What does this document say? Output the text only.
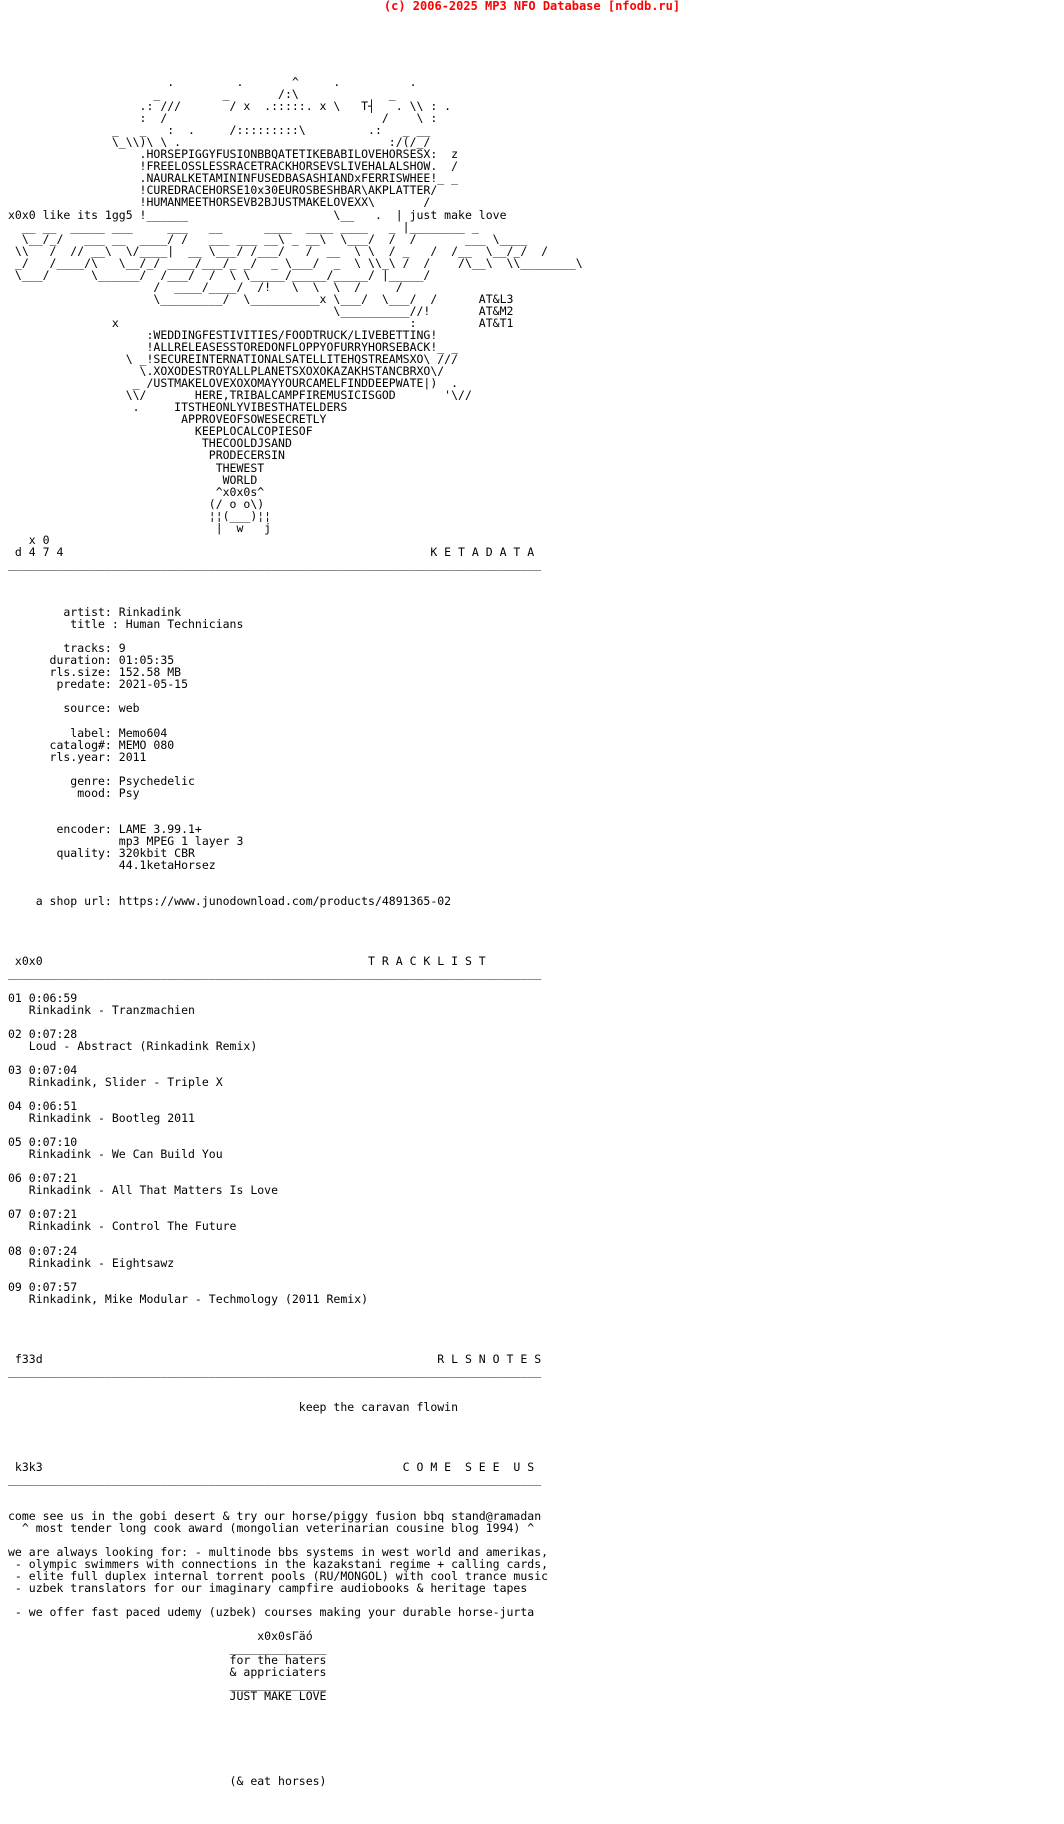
(c) 2006-2025 MP3 NFO Database [nfodb.ru]
.         .       ^     .          .
_         _       /:\             _
.: ///       / x  .:::::. x \   T┤   . \\ : .
:  /                               /    \ :
_   _   :  .     /:::::::::\         .:   _ __
\_\\)\ \ .                              :/(/_/
.HORSEPIGGYFUSIONBBQATETIKEBABILOVEHORSESX:  z
!FREELOSSLESSRACETRACKHORSEVSLIVEHALALSHOW.  /
.NAURALKETAMININFUSEDBASASHIANDxFERRISWHEE!_ _
!CUREDRACEHORSE10x30EUROSBESHBAR\AKPLATTER/
!HUMANMEETHORSEVB2BJUSTMAKELOVEXX\       /
x0x0 like its 1gg5 !______                     \__   .  | just make love
__ __  _____ ___     ___   __      ____  ____ ____   _ |________ _
\__/_/   ___ __  ____/ /   ___ ___ __\ _ __\  \___/  /  /       ___ \____
\\   /  // __\  \/____|  __ \___/ /___/   /  __  \ \  / _   /  /__  \__/_/  /
_/   /____/\   \__/_/ ____/___/_ _/  _ \___/  _  \ \\_\ /  /    /\__\  \\________\
\___/      \______/  /___/  /  \ \_____/_____/_____/ |_____/
/  ____/____/  /!   \  \  \  /     /
\_________/  \__________x \___/  \___/  /      AT&L3
\__________//!       AT&M2
x                                          :         AT&T1
:WEDDINGFESTIVITIES/FOODTRUCK/LIVEBETTING!
!ALLRELEASESSTOREDONFLOPPYOFURRYHORSEBACK!_ _
\ _!SECUREINTERNATIONALSATELLITEHQSTREAMSXO\ ///
\.XOXODESTROYALLPLANETSXOXOKAZAKHSTANCBRXO\/
_ /USTMAKELOVEXOXOMAYYOURCAMELFINDDEEPWATE|)  .
\\/       HERE,TRIBALCAMPFIREMUSICISGOD       '\//
.     ITSTHEONLYVIBESTHATELDERS
APPROVEOFSOWESECRETLY
KEEPLOCALCOPIESOF
THECOOLDJSAND
PRODECERSIN
THEWEST
WORLD
^x0x0s^
(/ o o\)
¦¦(___)¦¦
|  w   j
x 0
d 4 7 4                                                     K E T A D A T A
_____________________________________________________________________________

artist: Rinkadink
title : Human Technicians

tracks: 9
duration: 01:05:35
rls.size: 152.58 MB
predate: 2021-05-15

source: web

label: Memo604
catalog#: MEMO 080
rls.year: 2011

genre: Psychedelic
mood: Psy

encoder: LAME 3.99.1+
mp3 MPEG 1 layer 3
quality: 320kbit CBR
44.1ketaHorsez

a shop url: https://www.junodownload.com/products/4891365-02

x0x0                                               T R A C K L I S T
_____________________________________________________________________________

01 0:06:59
Rinkadink - Tranzmachien

02 0:07:28
Loud - Abstract (Rinkadink Remix)

03 0:07:04
Rinkadink, Slider - Triple X

04 0:06:51
Rinkadink - Bootleg 2011

05 0:07:10
Rinkadink - We Can Build You

06 0:07:21
Rinkadink - All That Matters Is Love

07 0:07:21
Rinkadink - Control The Future

08 0:07:24
Rinkadink - Eightsawz

09 0:07:57
Rinkadink, Mike Modular - Techmology (2011 Remix)

f33d                                                         R L S N O T E S
_____________________________________________________________________________

keep the caravan flowin

k3k3                                                    C O M E  S E E  U S
_____________________________________________________________________________

come see us in the gobi desert & try our horse/piggy fusion bbq stand@ramadan
^ most tender long cook award (mongolian veterinarian cousine blog 1994) ^

we are always looking for: - multinode bbs systems in west world and amerikas,
- olympic swimmers with connections in the kazakstani regime + calling cards,
- elite full duplex internal torrent pools (RU/MONGOL) with cool trance music
- uzbek translators for our imaginary campfire audiobooks & heritage tapes

- we offer fast paced udemy (uzbek) courses making your durable horse-jurta

x0x0sΓäó
______________
for the haters
& appriciaters
______________
JUST MAKE LOVE

(& eat horses)
